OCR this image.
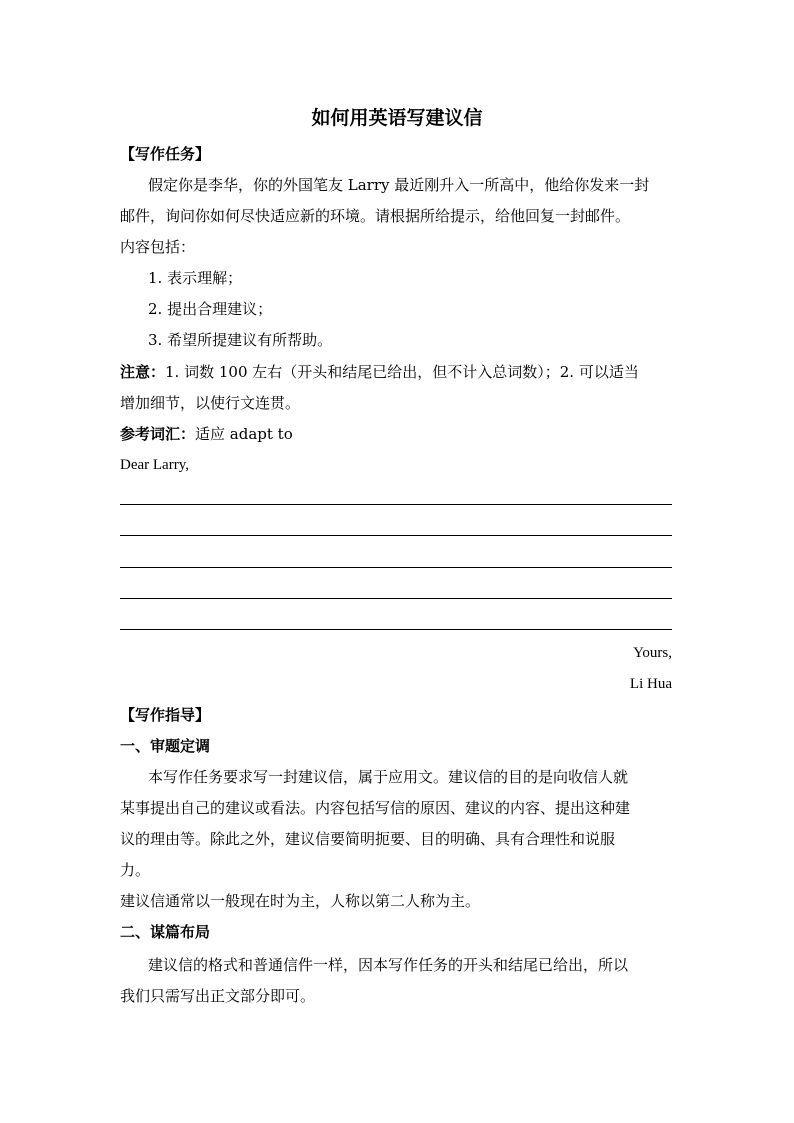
如何用英语写建议信
【写作任务】
假定你是李华，你的外国笔友 Larry 最近刚升入一所高中，他给你发来一封
邮件，询问你如何尽快适应新的环境。请根据所给提示，给他回复一封邮件。
内容包括：
1. 表示理解；
2. 提出合理建议；
3. 希望所提建议有所帮助。
注意：1. 词数 100 左右（开头和结尾已给出，但不计入总词数）；2. 可以适当
增加细节，以使行文连贯。
参考词汇：适应 adapt to
Dear Larry,
Yours,
Li Hua
【写作指导】
一、审题定调
本写作任务要求写一封建议信，属于应用文。建议信的目的是向收信人就
某事提出自己的建议或看法。内容包括写信的原因、建议的内容、提出这种建
议的理由等。除此之外，建议信要简明扼要、目的明确、具有合理性和说服
力。
建议信通常以一般现在时为主，人称以第二人称为主。
二、谋篇布局
建议信的格式和普通信件一样，因本写作任务的开头和结尾已给出，所以
我们只需写出正文部分即可。
